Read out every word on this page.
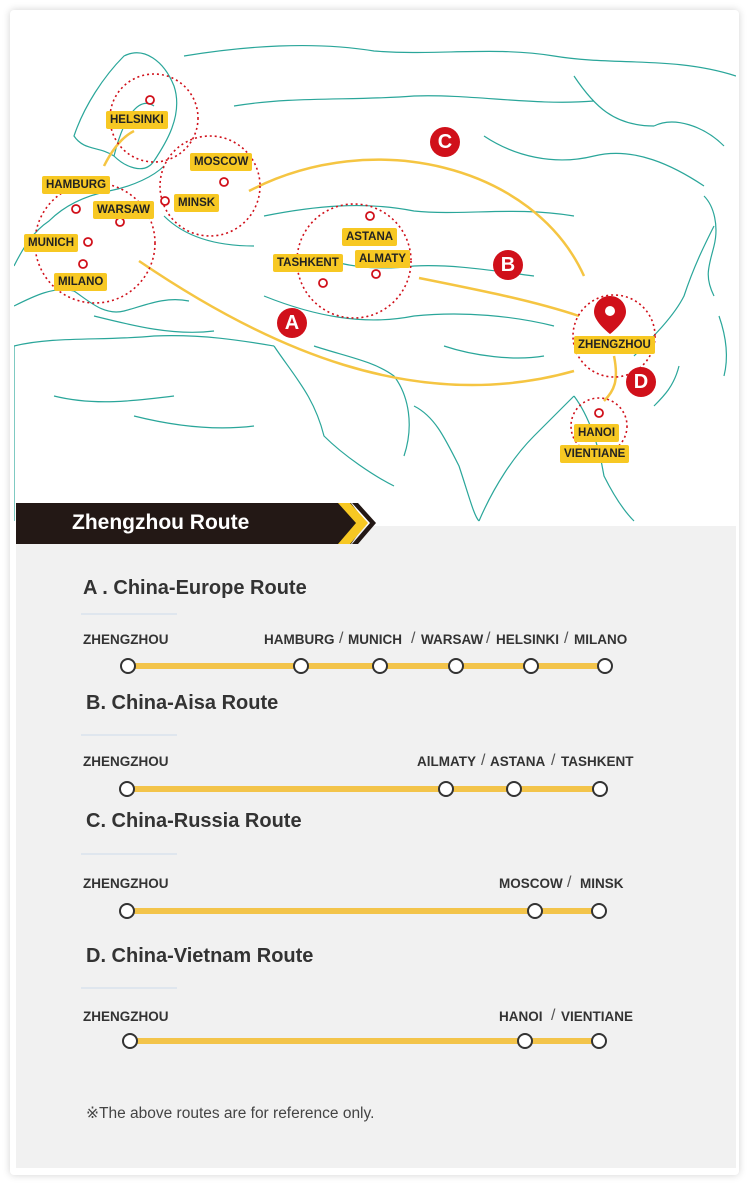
HELSINKI
MOSCOW
HAMBURG
MINSK
WARSAW
MUNICH
MILANO
ASTANA
TASHKENT	ALMATY
ZHENGZHOU
HANOI
VIENTIANE
A
B
C
D
Zhengzhou Route
A . China-Europe Route
ZHENGZHOU	HAMBURG / MUNICH / WARSAW / HELSINKI / MILANO
B. China-Aisa Route
ZHENGZHOU	AlLMATY / ASTANA / TASHKENT
C. China-Russia Route
ZHENGZHOU	MOSCOW / MINSK
D. China-Vietnam Route
ZHENGZHOU	HANOI / VIENTIANE
※The above routes are for reference only.
